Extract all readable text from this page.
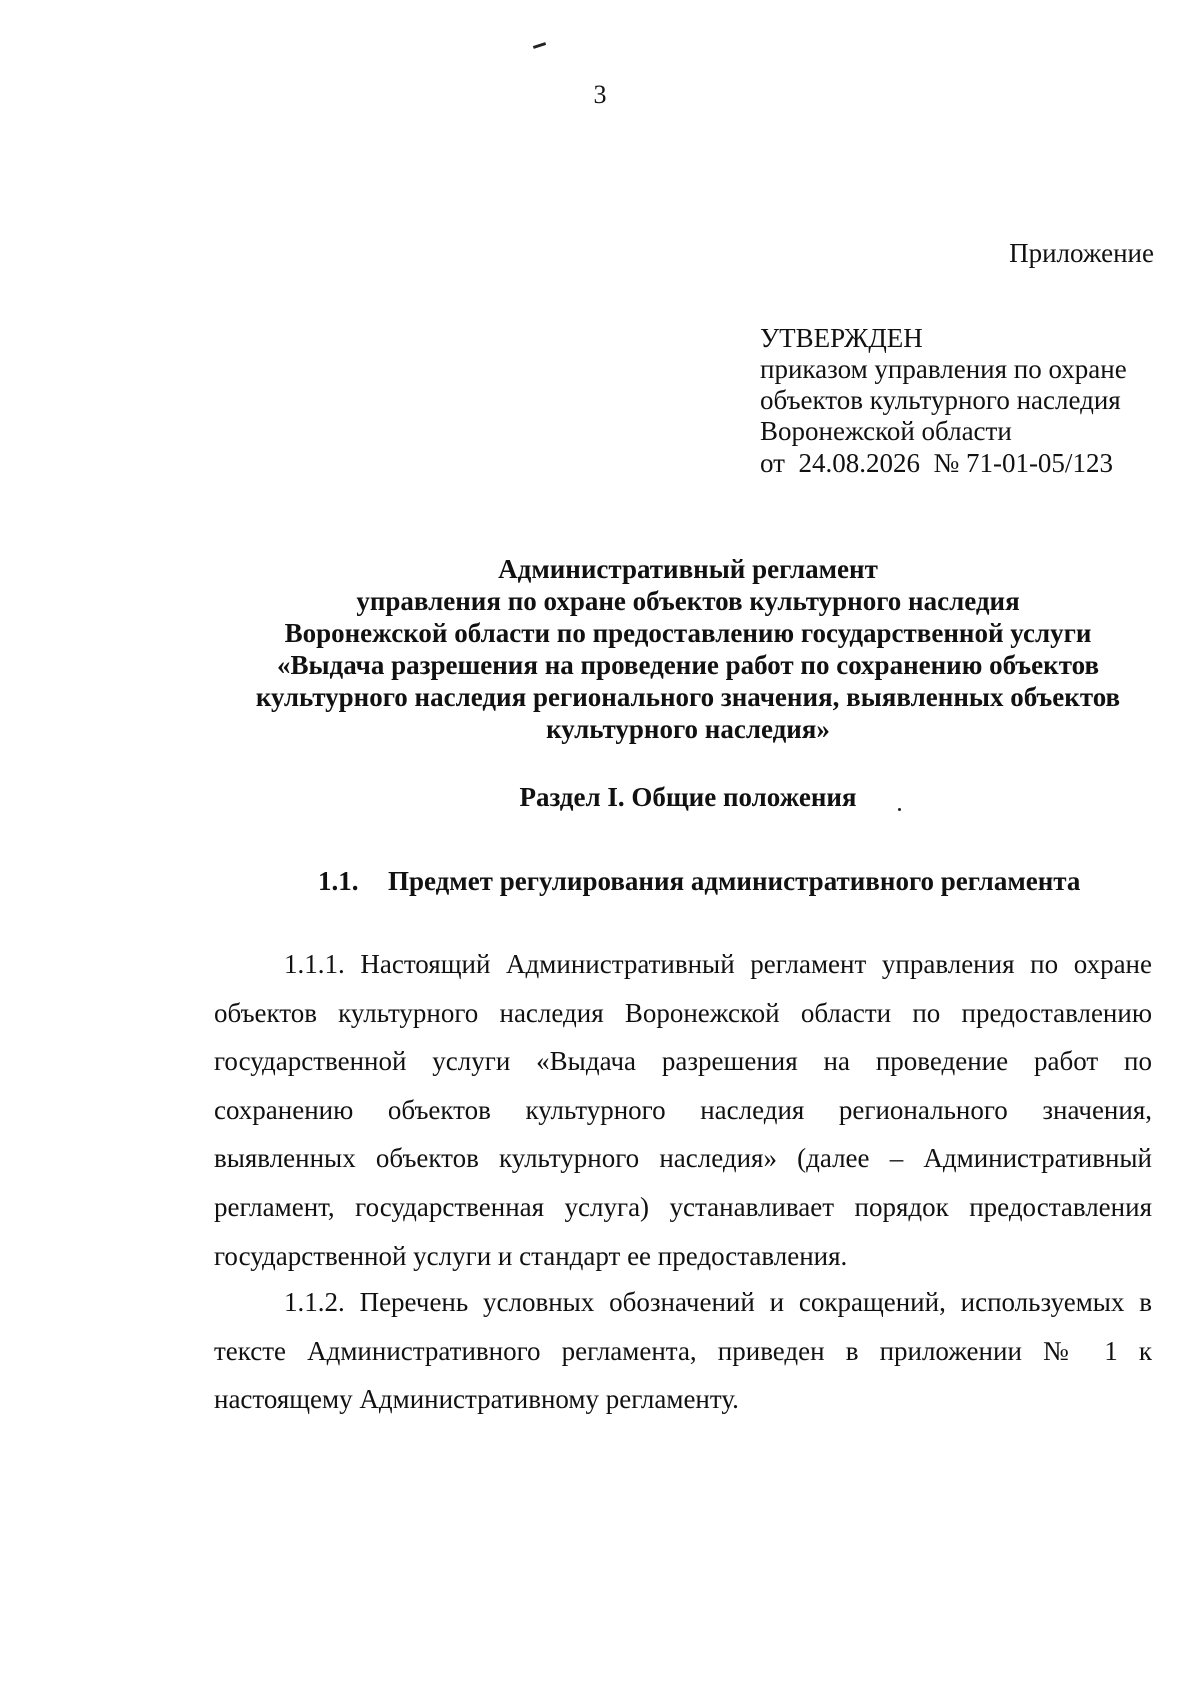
3
Приложение
УТВЕРЖДЕН
приказом управления по охране
объектов культурного наследия
Воронежской области
от  24.08.2026  № 71-01-05/123
Административный регламент
управления по охране объектов культурного наследия
Воронежской области по предоставлению государственной услуги
«Выдача разрешения на проведение работ по сохранению объектов
культурного наследия регионального значения, выявленных объектов
культурного наследия»
Раздел I. Общие положения
1.1. Предмет регулирования административного регламента

1.1.1. Настоящий Административный регламент управления по охране объектов культурного наследия Воронежской области по предоставлению государственной услуги «Выдача разрешения на проведение работ по сохранению объектов культурного наследия регионального значения, выявленных объектов культурного наследия» (далее – Административный регламент, государственная услуга) устанавливает порядок предоставления государственной услуги и стандарт ее предоставления.

1.1.2. Перечень условных обозначений и сокращений, используемых в тексте Административного регламента, приведен в приложении № 1 к настоящему Административному регламенту.
